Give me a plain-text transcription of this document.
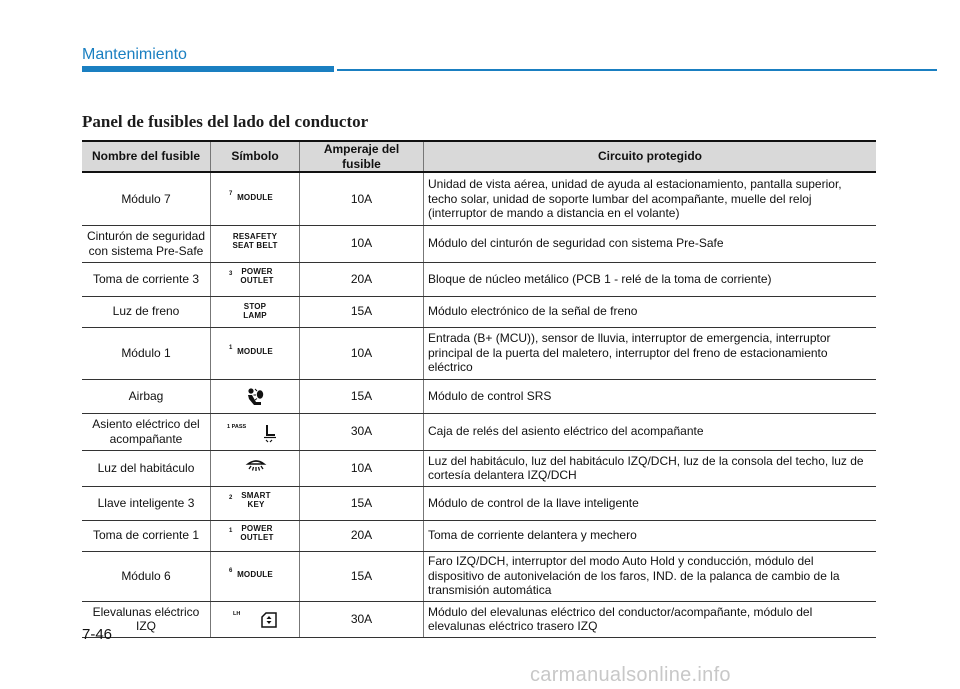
Mantenimiento
Panel de fusibles del lado del conductor
Nombre del fusible	Símbolo	Amperaje del fusible	Circuito protegido
Módulo 7	7 MODULE	10A	Unidad de vista aérea, unidad de ayuda al estacionamiento, pantalla superior, techo solar, unidad de soporte lumbar del acompañante, muelle del reloj (interruptor de mando a distancia en el volante)
Cinturón de seguridad con sistema Pre-Safe	RESAFETY SEAT BELT	10A	Módulo del cinturón de seguridad con sistema Pre-Safe
Toma de corriente 3	3 POWER OUTLET	20A	Bloque de núcleo metálico (PCB 1 - relé de la toma de corriente)
Luz de freno	STOP LAMP	15A	Módulo electrónico de la señal de freno
Módulo 1	1 MODULE	10A	Entrada (B+ (MCU)), sensor de lluvia, interruptor de emergencia, interruptor principal de la puerta del maletero, interruptor del freno de estacionamiento eléctrico
Airbag		15A	Módulo de control SRS
Asiento eléctrico del acompañante	1 PASS	30A	Caja de relés del asiento eléctrico del acompañante
Luz del habitáculo		10A	Luz del habitáculo, luz del habitáculo IZQ/DCH, luz de la consola del techo, luz de cortesía delantera IZQ/DCH
Llave inteligente 3	2 SMART KEY	15A	Módulo de control de la llave inteligente
Toma de corriente 1	1 POWER OUTLET	20A	Toma de corriente delantera y mechero
Módulo 6	6 MODULE	15A	Faro IZQ/DCH, interruptor del modo Auto Hold y conducción, módulo del dispositivo de autonivelación de los faros, IND. de la palanca de cambio de la transmisión automática
Elevalunas eléctrico IZQ	LH	30A	Módulo del elevalunas eléctrico del conductor/acompañante, módulo del elevalunas eléctrico trasero IZQ
7-46
carmanualsonline.info
